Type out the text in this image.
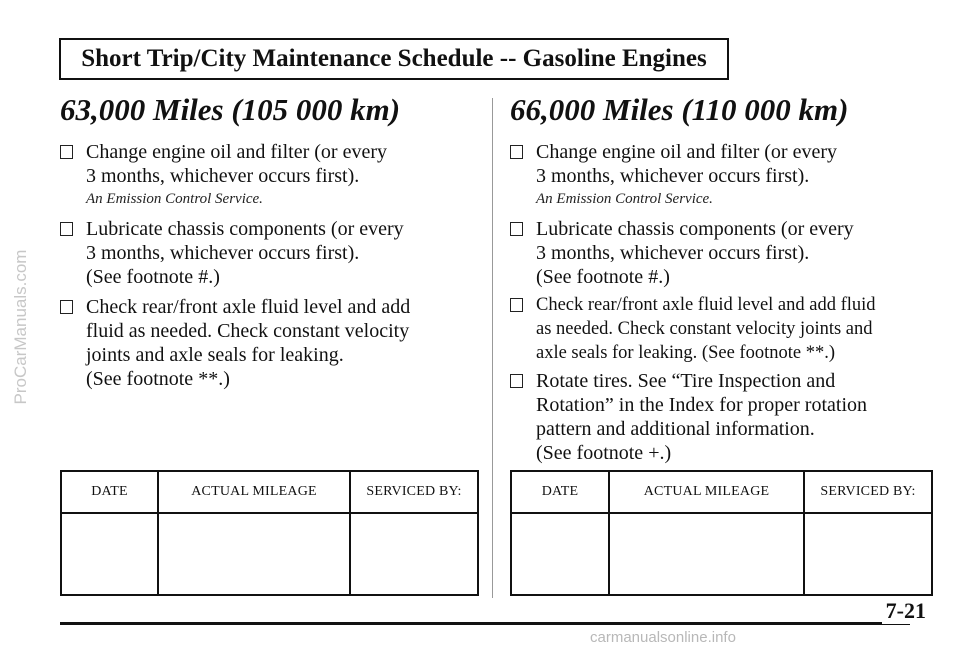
ProCarManuals.com
Short Trip/City Maintenance Schedule -- Gasoline Engines
63,000 Miles (105 000 km)
Change engine oil and filter (or every
3 months, whichever occurs first).
An Emission Control Service.
Lubricate chassis components (or every
3 months, whichever occurs first).
(See footnote #.)
Check rear/front axle fluid level and add
fluid as needed. Check constant velocity
joints and axle seals for leaking.
(See footnote **.)
DATE	ACTUAL MILEAGE	SERVICED BY:

66,000 Miles (110 000 km)
Change engine oil and filter (or every
3 months, whichever occurs first).
An Emission Control Service.
Lubricate chassis components (or every
3 months, whichever occurs first).
(See footnote #.)
Check rear/front axle fluid level and add fluid
as needed. Check constant velocity joints and
axle seals for leaking. (See footnote **.)
Rotate tires. See “Tire Inspection and
Rotation” in the Index for proper rotation
pattern and additional information.
(See footnote +.)
DATE	ACTUAL MILEAGE	SERVICED BY:

7-21
carmanualsonline.info
